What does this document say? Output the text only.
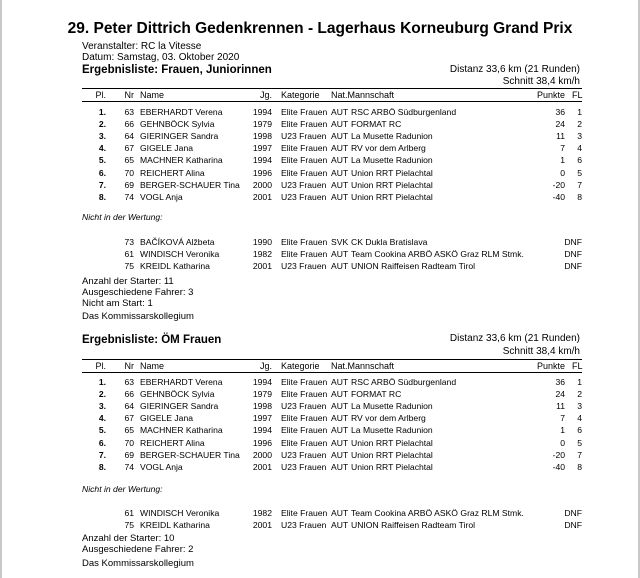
29. Peter Dittrich Gedenkrennen - Lagerhaus Korneuburg Grand Prix
Veranstalter: RC la Vitesse
Datum: Samstag, 03. Oktober 2020
Ergebnisliste: Frauen, Juniorinnen	Distanz 33,6 km (21 Runden)
Schnitt 38,4 km/h
Pl.	Nr Name	Jg. Kategorie Nat.Mannschaft	Punkte FL
1.	63 EBERHARDT Verena	1994 Elite Frauen AUT RSC ARBÖ Südburgenland	36	1
2.	66 GEHNBÖCK Sylvia	1979 Elite Frauen AUT FORMAT RC	24	2
3.	64 GIERINGER Sandra	1998 U23 Frauen AUT La Musette Radunion	11	3
4.	67 GIGELE Jana	1997 Elite Frauen AUT RV vor dem Arlberg	7	4
5.	65 MACHNER Katharina	1994 Elite Frauen AUT La Musette Radunion	1	6
6.	70 REICHERT Alina	1996 Elite Frauen AUT Union RRT Pielachtal	0	5
7.	69 BERGER-SCHAUER Tina	2000 U23 Frauen AUT Union RRT Pielachtal	-20	7
8.	74 VOGL Anja	2001 U23 Frauen AUT Union RRT Pielachtal	-40	8
Nicht in der Wertung:
73 BAČÍKOVÁ Alžbeta	1990 Elite Frauen SVK CK Dukla Bratislava	DNF
61 WINDISCH Veronika	1982 Elite Frauen AUT Team Cookina ARBÖ ASKÖ Graz RLM Stmk.	DNF
75 KREIDL Katharina	2001 U23 Frauen AUT UNION Raiffeisen Radteam Tirol	DNF
Anzahl der Starter: 11
Ausgeschiedene Fahrer: 3
Nicht am Start: 1
Das Kommissarskollegium
Ergebnisliste: ÖM Frauen	Distanz 33,6 km (21 Runden)
Schnitt 38,4 km/h
Pl.	Nr Name	Jg. Kategorie Nat.Mannschaft	Punkte FL
1.	63 EBERHARDT Verena	1994 Elite Frauen AUT RSC ARBÖ Südburgenland	36	1
2.	66 GEHNBÖCK Sylvia	1979 Elite Frauen AUT FORMAT RC	24	2
3.	64 GIERINGER Sandra	1998 U23 Frauen AUT La Musette Radunion	11	3
4.	67 GIGELE Jana	1997 Elite Frauen AUT RV vor dem Arlberg	7	4
5.	65 MACHNER Katharina	1994 Elite Frauen AUT La Musette Radunion	1	6
6.	70 REICHERT Alina	1996 Elite Frauen AUT Union RRT Pielachtal	0	5
7.	69 BERGER-SCHAUER Tina	2000 U23 Frauen AUT Union RRT Pielachtal	-20	7
8.	74 VOGL Anja	2001 U23 Frauen AUT Union RRT Pielachtal	-40	8
Nicht in der Wertung:
61 WINDISCH Veronika	1982 Elite Frauen AUT Team Cookina ARBÖ ASKÖ Graz RLM Stmk.	DNF
75 KREIDL Katharina	2001 U23 Frauen AUT UNION Raiffeisen Radteam Tirol	DNF
Anzahl der Starter: 10
Ausgeschiedene Fahrer: 2
Das Kommissarskollegium
